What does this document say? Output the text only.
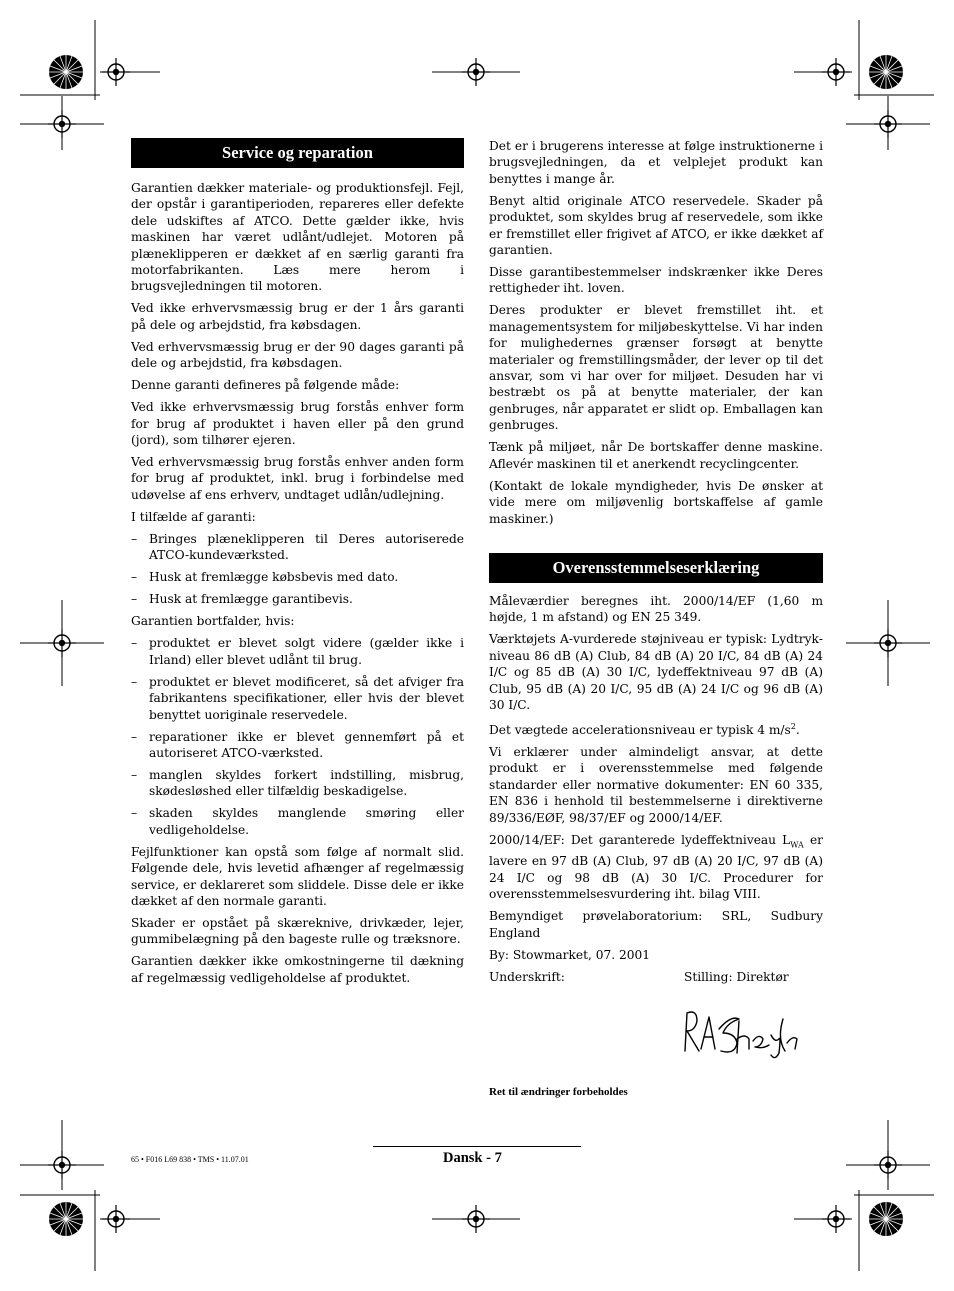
Service og reparation

Garantien dækker materiale- og produktionsfejl. Fejl, der opstår i garantiperioden, repareres eller defekte dele udskiftes af ATCO. Dette gælder ikke, hvis maskinen har været udlånt/udlejet. Motoren på plæneklipperen er dækket af en særlig garanti fra motorfabrikanten. Læs mere herom i brugsvejledningen til motoren.

Ved ikke erhvervsmæssig brug er der 1 års garanti på dele og arbejdstid, fra købsdagen.

Ved erhvervsmæssig brug er der 90 dages garanti på dele og arbejdstid, fra købsdagen.

Denne garanti defineres på følgende måde:

Ved ikke erhvervsmæssig brug forstås enhver form for brug af produktet i haven eller på den grund (jord), som tilhører ejeren.

Ved erhvervsmæssig brug forstås enhver anden form for brug af produktet, inkl. brug i forbindelse med udøvelse af ens erhverv, undtaget udlån/udlejning.

I tilfælde af garanti:

– Bringes plæneklipperen til Deres autoriserede ATCO-kundeværksted.
– Husk at fremlægge købsbevis med dato.
– Husk at fremlægge garantibevis.

Garantien bortfalder, hvis:

– produktet er blevet solgt videre (gælder ikke i Irland) eller blevet udlånt til brug.
– produktet er blevet modificeret, så det afviger fra fabrikantens specifikationer, eller hvis der blevet benyttet uoriginale reservedele.
– reparationer ikke er blevet gennemført på et autoriseret ATCO-værksted.
– manglen skyldes forkert indstilling, misbrug, skødesløshed eller tilfældig beskadigelse.
– skaden skyldes manglende smøring eller vedligeholdelse.

Fejlfunktioner kan opstå som følge af normalt slid. Følgende dele, hvis levetid afhænger af regelmæssig service, er deklareret som sliddele. Disse dele er ikke dækket af den normale garanti.

Skader er opstået på skæreknive, drivkæder, lejer, gummibelægning på den bageste rulle og træksnore.

Garantien dækker ikke omkostningerne til dækning af regelmæssig vedligeholdelse af produktet.

Det er i brugerens interesse at følge instruktionerne i brugsvejledningen, da et velplejet produkt kan benyttes i mange år.

Benyt altid originale ATCO reservedele. Skader på produktet, som skyldes brug af reservedele, som ikke er fremstillet eller frigivet af ATCO, er ikke dækket af garantien.

Disse garantibestemmelser indskrænker ikke Deres rettigheder iht. loven.

Deres produkter er blevet fremstillet iht. et managementsystem for miljøbeskyttelse. Vi har inden for mulighedernes grænser forsøgt at benytte materialer og fremstillingsmåder, der lever op til det ansvar, som vi har over for miljøet. Desuden har vi bestræbt os på at benytte materialer, der kan genbruges, når apparatet er slidt op. Emballagen kan genbruges.

Tænk på miljøet, når De bortskaffer denne maskine. Aflevér maskinen til et anerkendt recyclingcenter.

(Kontakt de lokale myndigheder, hvis De ønsker at vide mere om miljøvenlig bortskaffelse af gamle maskiner.)

Overensstemmelseserklæring

Måleværdier beregnes iht. 2000/14/EF (1,60 m højde, 1 m afstand) og EN 25 349.

Værktøjets A-vurderede støjniveau er typisk: Lydtrykniveau 86 dB (A) Club, 84 dB (A) 20 I/C, 84 dB (A) 24 I/C og 85 dB (A) 30 I/C, lydeffektniveau 97 dB (A) Club, 95 dB (A) 20 I/C, 95 dB (A) 24 I/C og 96 dB (A) 30 I/C.

Det vægtede accelerationsniveau er typisk 4 $m/s^2$.

Vi erklærer under almindeligt ansvar, at dette produkt er i overensstemmelse med følgende standarder eller normative dokumenter: EN 60 335, EN 836 i henhold til bestemmelserne i direktiverne 89/336/EØF, 98/37/EF og 2000/14/EF.

2000/14/EF: Det garanterede lydeffektniveau $L_{WA}$ er lavere en 97 dB (A) Club, 97 dB (A) 20 I/C, 97 dB (A) 24 I/C og 98 dB (A) 30 I/C. Procedurer for overensstemmelsesvurdering iht. bilag VIII.

Bemyndiget prøvelaboratorium: SRL, Sudbury England

By: Stowmarket, 07. 2001

Underskrift:	Stilling: Direktør
Ret til ændringer forbeholdes
65 • F016 L69 838 • TMS • 11.07.01	Dansk - 7
